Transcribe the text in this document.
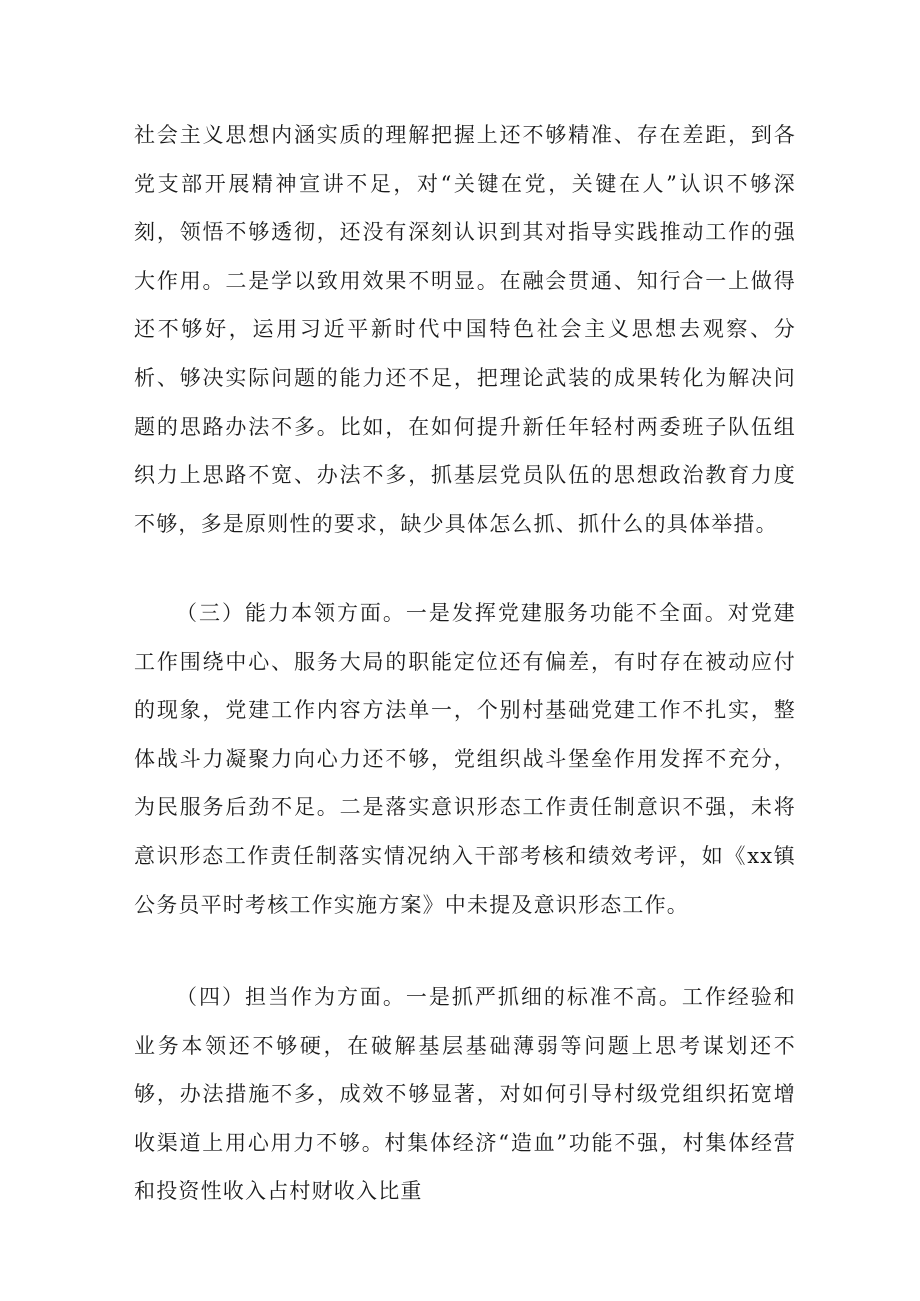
社会主义思想内涵实质的理解把握上还不够精准、存在差距，到各党支部开展精神宣讲不足，对“关键在党，关键在人”认识不够深刻，领悟不够透彻，还没有深刻认识到其对指导实践推动工作的强大作用。二是学以致用效果不明显。在融会贯通、知行合一上做得还不够好，运用习近平新时代中国特色社会主义思想去观察、分析、够决实际问题的能力还不足，把理论武装的成果转化为解决问题的思路办法不多。比如，在如何提升新任年轻村两委班子队伍组织力上思路不宽、办法不多，抓基层党员队伍的思想政治教育力度不够，多是原则性的要求，缺少具体怎么抓、抓什么的具体举措。

（三）能力本领方面。一是发挥党建服务功能不全面。对党建工作围绕中心、服务大局的职能定位还有偏差，有时存在被动应付的现象，党建工作内容方法单一，个别村基础党建工作不扎实，整体战斗力凝聚力向心力还不够，党组织战斗堡垒作用发挥不充分，为民服务后劲不足。二是落实意识形态工作责任制意识不强，未将意识形态工作责任制落实情况纳入干部考核和绩效考评，如《xx镇公务员平时考核工作实施方案》中未提及意识形态工作。

（四）担当作为方面。一是抓严抓细的标准不高。工作经验和业务本领还不够硬，在破解基层基础薄弱等问题上思考谋划还不够，办法措施不多，成效不够显著，对如何引导村级党组织拓宽增收渠道上用心用力不够。村集体经济“造血”功能不强，村集体经营和投资性收入占村财收入比重
